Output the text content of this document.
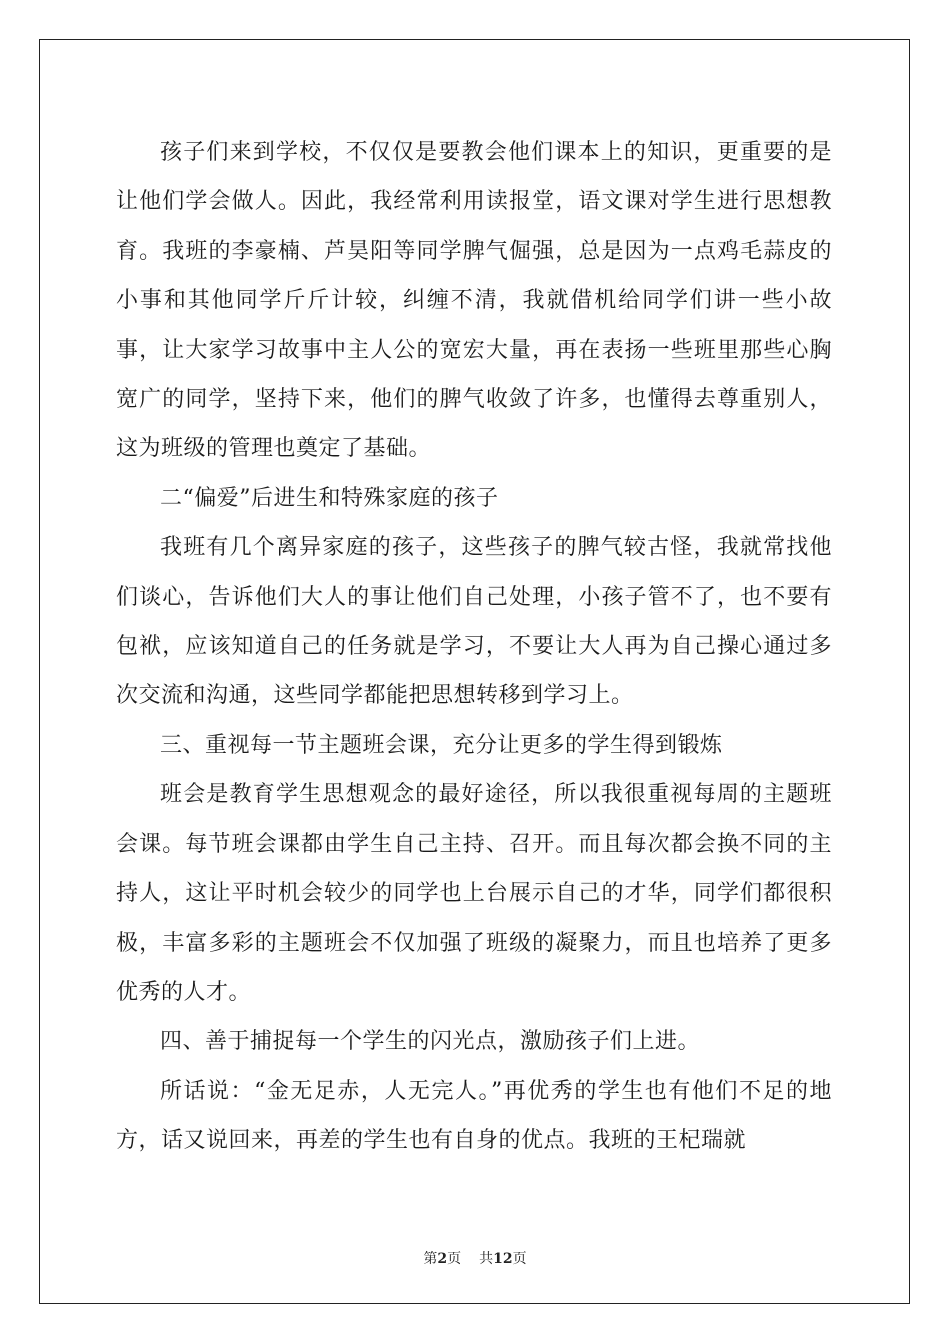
孩子们来到学校，不仅仅是要教会他们课本上的知识，更重要的是让他们学会做人。因此，我经常利用读报堂，语文课对学生进行思想教育。我班的李豪楠、芦昊阳等同学脾气倔强，总是因为一点鸡毛蒜皮的小事和其他同学斤斤计较，纠缠不清，我就借机给同学们讲一些小故事，让大家学习故事中主人公的宽宏大量，再在表扬一些班里那些心胸宽广的同学，坚持下来，他们的脾气收敛了许多，也懂得去尊重别人，这为班级的管理也奠定了基础。

二“偏爱”后进生和特殊家庭的孩子

我班有几个离异家庭的孩子，这些孩子的脾气较古怪，我就常找他们谈心，告诉他们大人的事让他们自己处理，小孩子管不了，也不要有包袱，应该知道自己的任务就是学习，不要让大人再为自己操心通过多次交流和沟通，这些同学都能把思想转移到学习上。

三、重视每一节主题班会课，充分让更多的学生得到锻炼

班会是教育学生思想观念的最好途径，所以我很重视每周的主题班会课。每节班会课都由学生自己主持、召开。而且每次都会换不同的主持人，这让平时机会较少的同学也上台展示自己的才华，同学们都很积极，丰富多彩的主题班会不仅加强了班级的凝聚力，而且也培养了更多优秀的人才。

四、善于捕捉每一个学生的闪光点，激励孩子们上进。

所话说：“金无足赤，人无完人。”再优秀的学生也有他们不足的地方，话又说回来，再差的学生也有自身的优点。我班的王杞瑞就

第2页 共12页
